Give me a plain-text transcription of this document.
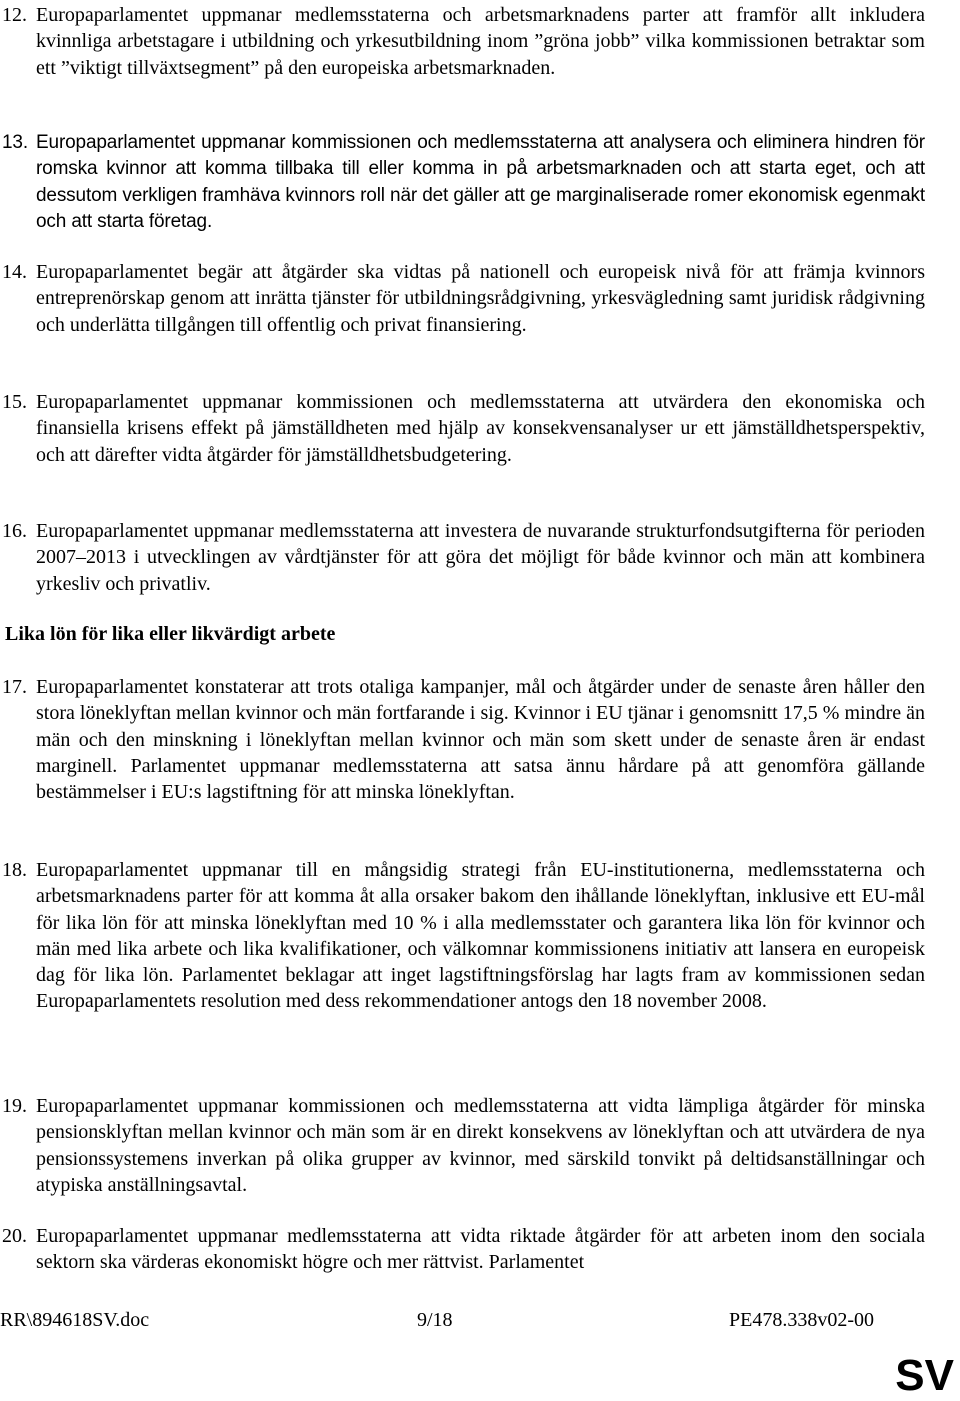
12. Europaparlamentet uppmanar medlemsstaterna och arbetsmarknadens parter att framför allt inkludera kvinnliga arbetstagare i utbildning och yrkesutbildning inom ”gröna jobb” vilka kommissionen betraktar som ett ”viktigt tillväxtsegment” på den europeiska arbetsmarknaden.
13. Europaparlamentet uppmanar kommissionen och medlemsstaterna att analysera och eliminera hindren för romska kvinnor att komma tillbaka till eller komma in på arbetsmarknaden och att starta eget, och att dessutom verkligen framhäva kvinnors roll när det gäller att ge marginaliserade romer ekonomisk egenmakt och att starta företag.
14. Europaparlamentet begär att åtgärder ska vidtas på nationell och europeisk nivå för att främja kvinnors entreprenörskap genom att inrätta tjänster för utbildningsrådgivning, yrkesvägledning samt juridisk rådgivning och underlätta tillgången till offentlig och privat finansiering.
15. Europaparlamentet uppmanar kommissionen och medlemsstaterna att utvärdera den ekonomiska och finansiella krisens effekt på jämställdheten med hjälp av konsekvensanalyser ur ett jämställdhetsperspektiv, och att därefter vidta åtgärder för jämställdhetsbudgetering.
16. Europaparlamentet uppmanar medlemsstaterna att investera de nuvarande strukturfondsutgifterna för perioden 2007–2013 i utvecklingen av vårdtjänster för att göra det möjligt för både kvinnor och män att kombinera yrkesliv och privatliv.
Lika lön för lika eller likvärdigt arbete
17. Europaparlamentet konstaterar att trots otaliga kampanjer, mål och åtgärder under de senaste åren håller den stora löneklyftan mellan kvinnor och män fortfarande i sig. Kvinnor i EU tjänar i genomsnitt 17,5 % mindre än män och den minskning i löneklyftan mellan kvinnor och män som skett under de senaste åren är endast marginell. Parlamentet uppmanar medlemsstaterna att satsa ännu hårdare på att genomföra gällande bestämmelser i EU:s lagstiftning för att minska löneklyftan.
18. Europaparlamentet uppmanar till en mångsidig strategi från EU-institutionerna, medlemsstaterna och arbetsmarknadens parter för att komma åt alla orsaker bakom den ihållande löneklyftan, inklusive ett EU-mål för lika lön för att minska löneklyftan med 10 % i alla medlemsstater och garantera lika lön för kvinnor och män med lika arbete och lika kvalifikationer, och välkomnar kommissionens initiativ att lansera en europeisk dag för lika lön. Parlamentet beklagar att inget lagstiftningsförslag har lagts fram av kommissionen sedan Europaparlamentets resolution med dess rekommendationer antogs den 18 november 2008.
19. Europaparlamentet uppmanar kommissionen och medlemsstaterna att vidta lämpliga åtgärder för minska pensionsklyftan mellan kvinnor och män som är en direkt konsekvens av löneklyftan och att utvärdera de nya pensionssystemens inverkan på olika grupper av kvinnor, med särskild tonvikt på deltidsanställningar och atypiska anställningsavtal.
20. Europaparlamentet uppmanar medlemsstaterna att vidta riktade åtgärder för att arbeten inom den sociala sektorn ska värderas ekonomiskt högre och mer rättvist. Parlamentet
RR\894618SV.doc	9/18	PE478.338v02-00
SV
